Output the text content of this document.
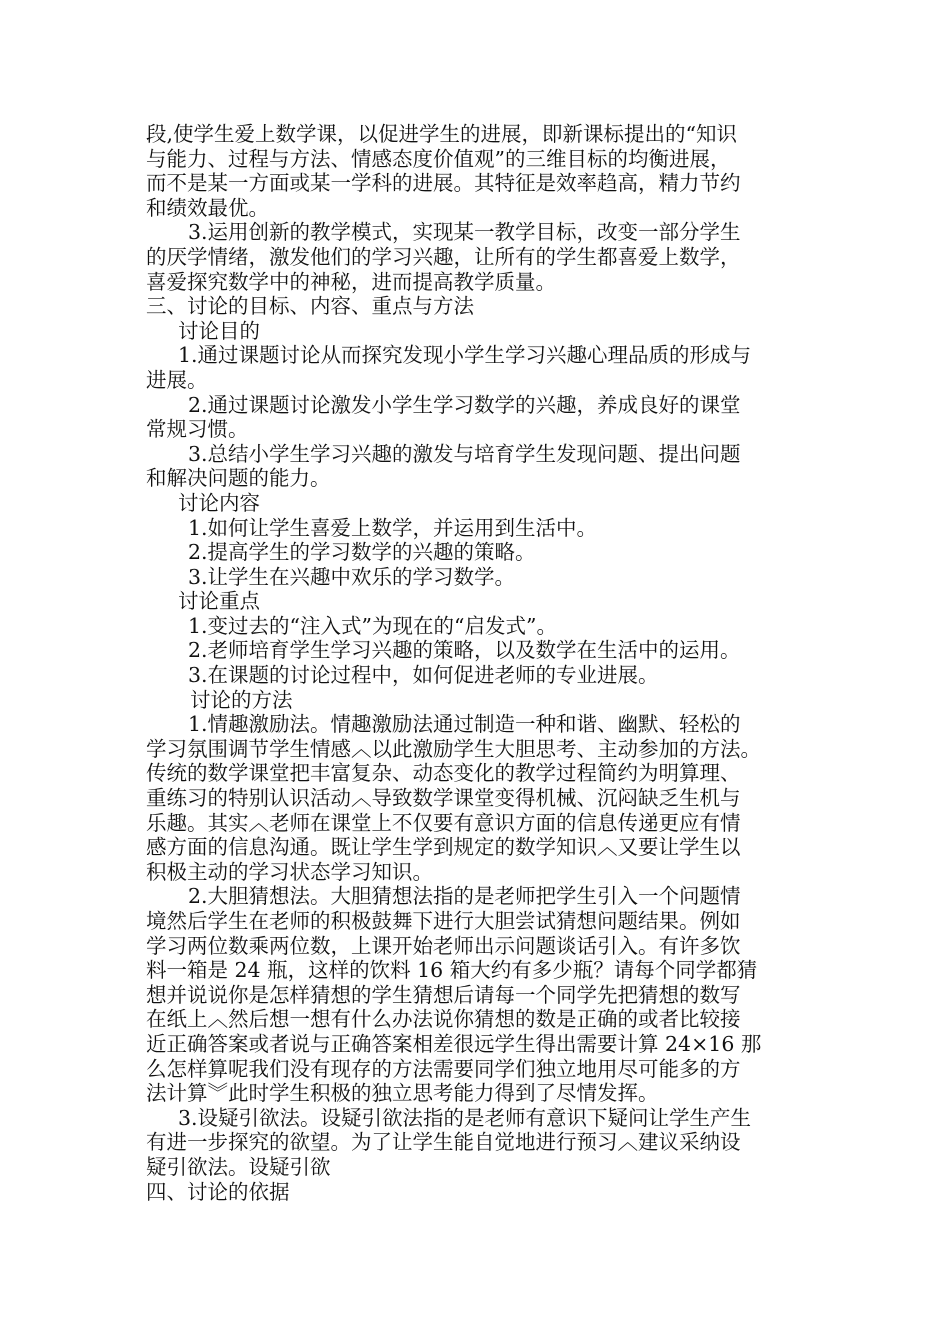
段,使学生爱上数学课，以促进学生的进展，即新课标提出的“知识
与能力、过程与方法、情感态度价值观”的三维目标的均衡进展，
而不是某一方面或某一学科的进展。其特征是效率趋高，精力节约
和绩效最优。
3.运用创新的教学模式，实现某一教学目标，改变一部分学生
的厌学情绪，激发他们的学习兴趣，让所有的学生都喜爱上数学，
喜爱探究数学中的神秘，进而提高教学质量。
三、讨论的目标、内容、重点与方法
讨论目的
1.通过课题讨论从而探究发现小学生学习兴趣心理品质的形成与
进展。
2.通过课题讨论激发小学生学习数学的兴趣，养成良好的课堂
常规习惯。
3.总结小学生学习兴趣的激发与培育学生发现问题、提出问题
和解决问题的能力。
讨论内容
1.如何让学生喜爱上数学，并运用到生活中。
2.提高学生的学习数学的兴趣的策略。
3.让学生在兴趣中欢乐的学习数学。
讨论重点
1.变过去的“注入式”为现在的“启发式”。
2.老师培育学生学习兴趣的策略，以及数学在生活中的运用。
3.在课题的讨论过程中，如何促进老师的专业进展。
讨论的方法
1.情趣激励法。情趣激励法通过制造一种和谐、幽默、轻松的
学习氛围调节学生情感︿以此激励学生大胆思考、主动参加的方法。
传统的数学课堂把丰富复杂、动态变化的教学过程简约为明算理、
重练习的特别认识活动︿导致数学课堂变得机械、沉闷缺乏生机与
乐趣。其实︿老师在课堂上不仅要有意识方面的信息传递更应有情
感方面的信息沟通。既让学生学到规定的数学知识︿又要让学生以
积极主动的学习状态学习知识。
2.大胆猜想法。大胆猜想法指的是老师把学生引入一个问题情
境然后学生在老师的积极鼓舞下进行大胆尝试猜想问题结果。例如
学习两位数乘两位数，上课开始老师出示问题谈话引入。有许多饮
料一箱是 24 瓶，这样的饮料 16 箱大约有多少瓶？请每个同学都猜
想并说说你是怎样猜想的学生猜想后请每一个同学先把猜想的数写
在纸上︿然后想一想有什么办法说你猜想的数是正确的或者比较接
近正确答案或者说与正确答案相差很远学生得出需要计算 24×16 那
么怎样算呢我们没有现存的方法需要同学们独立地用尽可能多的方
法计算︾此时学生积极的独立思考能力得到了尽情发挥。
3.设疑引欲法。设疑引欲法指的是老师有意识下疑问让学生产生
有进一步探究的欲望。为了让学生能自觉地进行预习︿建议采纳设
疑引欲法。设疑引欲
四、讨论的依据
